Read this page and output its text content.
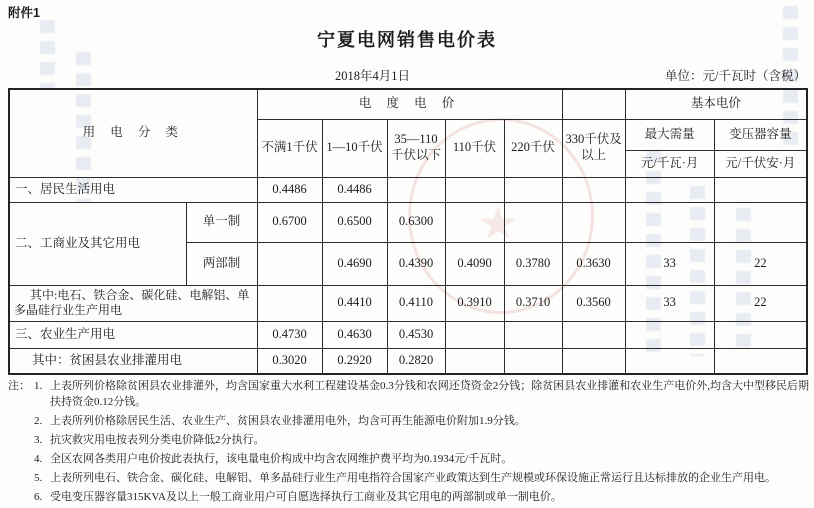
附件1
宁夏电网销售电价表
2018年4月1日	单位：元/千瓦时（含税）
用 电 分 类		电 度 电 价						基本电价	
		不满1千伏	1—10千伏	35—110千伏以下	110千伏	220千伏	330千伏及以上	最大需量	变压器容量
								元/千瓦·月	元/千伏安·月
一、居民生活用电		0.4486	0.4486						
二、工商业及其它用电	单一制	0.6700	0.6500	0.6300					
	两部制		0.4690	0.4390	0.4090	0.3780	0.3630	33	22
其中:电石、铁合金、碳化硅、电解铝、单多晶硅行业生产用电			0.4410	0.4110	0.3910	0.3710	0.3560	33	22
三、农业生产用电		0.4730	0.4630	0.4530					
其中：贫困县农业排灌用电		0.3020	0.2920	0.2820					
注： 1. 上表所列价格除贫困县农业排灌外，均含国家重大水利工程建设基金0.3分钱和农网还贷资金2分钱；除贫困县农业排灌和农业生产电价外,均含大中型移民后期扶持资金0.12分钱。
2. 上表所列价格除居民生活、农业生产、贫困县农业排灌用电外，均含可再生能源电价附加1.9分钱。
3. 抗灾救灾用电按表列分类电价降低2分执行。
4. 全区农网各类用户电价按此表执行，该电量电价构成中均含农网维护费平均为0.1934元/千瓦时。
5. 上表所列电石、铁合金、碳化硅、电解铝、单多晶硅行业生产用电指符合国家产业政策达到生产规模或环保设施正常运行且达标排放的企业生产用电。
6. 受电变压器容量315KVA及以上一般工商业用户可自愿选择执行工商业及其它用电的两部制或单一制电价。
